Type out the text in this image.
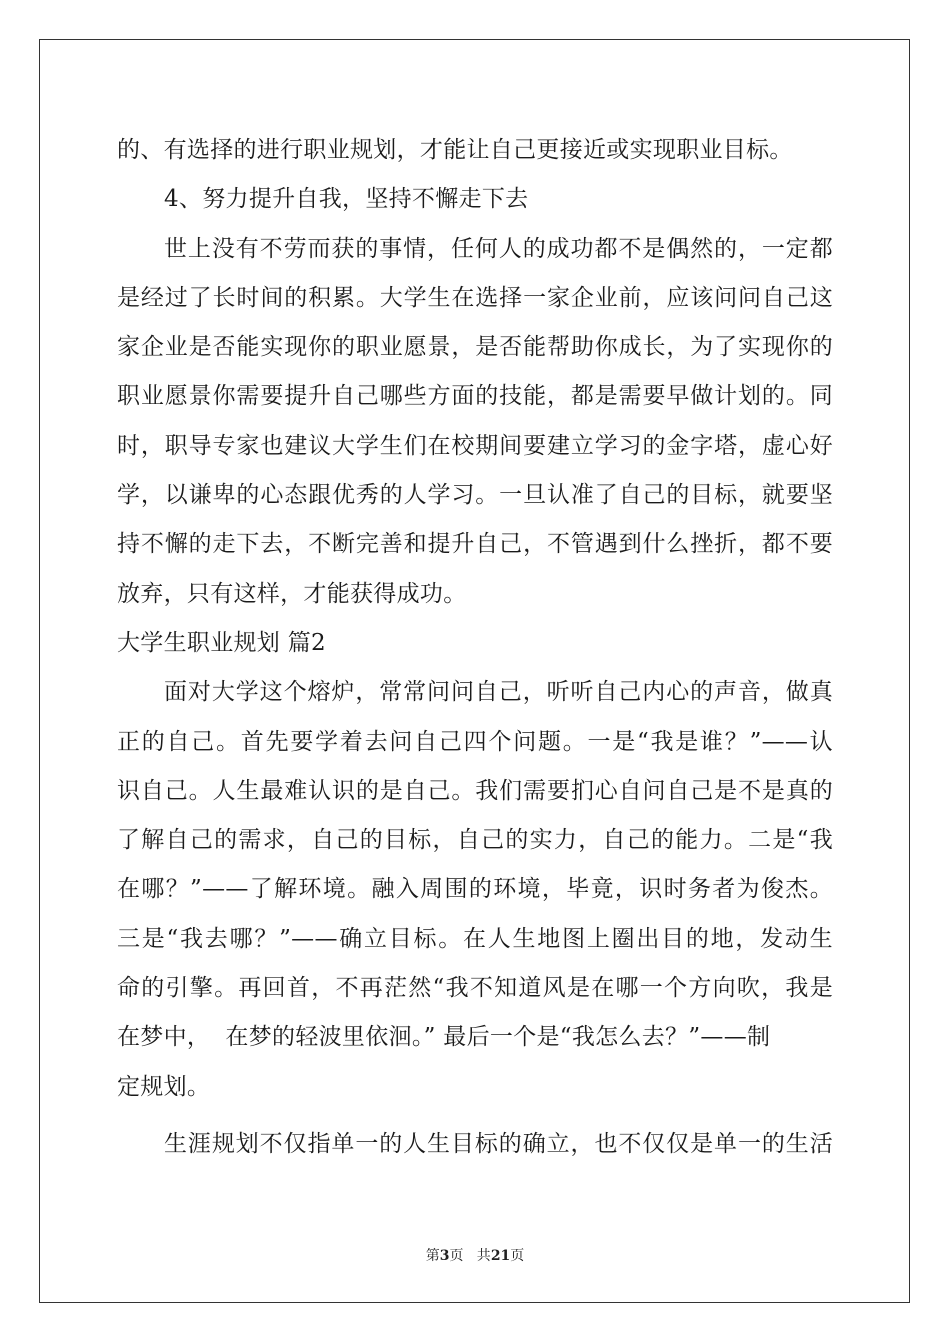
的、有选择的进行职业规划，才能让自己更接近或实现职业目标。
4、努力提升自我，坚持不懈走下去
世上没有不劳而获的事情，任何人的成功都不是偶然的，一定都
是经过了长时间的积累。大学生在选择一家企业前，应该问问自己这
家企业是否能实现你的职业愿景，是否能帮助你成长，为了实现你的
职业愿景你需要提升自己哪些方面的技能，都是需要早做计划的。同
时，职导专家也建议大学生们在校期间要建立学习的金字塔，虚心好
学，以谦卑的心态跟优秀的人学习。一旦认准了自己的目标，就要坚
持不懈的走下去，不断完善和提升自己，不管遇到什么挫折，都不要
放弃，只有这样，才能获得成功。
大学生职业规划 篇2
面对大学这个熔炉，常常问问自己，听听自己内心的声音，做真
正的自己。首先要学着去问自己四个问题。一是“我是谁？”——认
识自己。人生最难认识的是自己。我们需要扪心自问自己是不是真的
了解自己的需求，自己的目标，自己的实力，自己的能力。二是“我
在哪？”——了解环境。融入周围的环境，毕竟，识时务者为俊杰。
三是“我去哪？”——确立目标。在人生地图上圈出目的地，发动生
命的引擎。再回首，不再茫然“我不知道风是在哪一个方向吹，我是
在梦中，  在梦的轻波里依洄。” 最后一个是“我怎么去？”——制
定规划。
生涯规划不仅指单一的人生目标的确立，也不仅仅是单一的生活
第3页   共21页
